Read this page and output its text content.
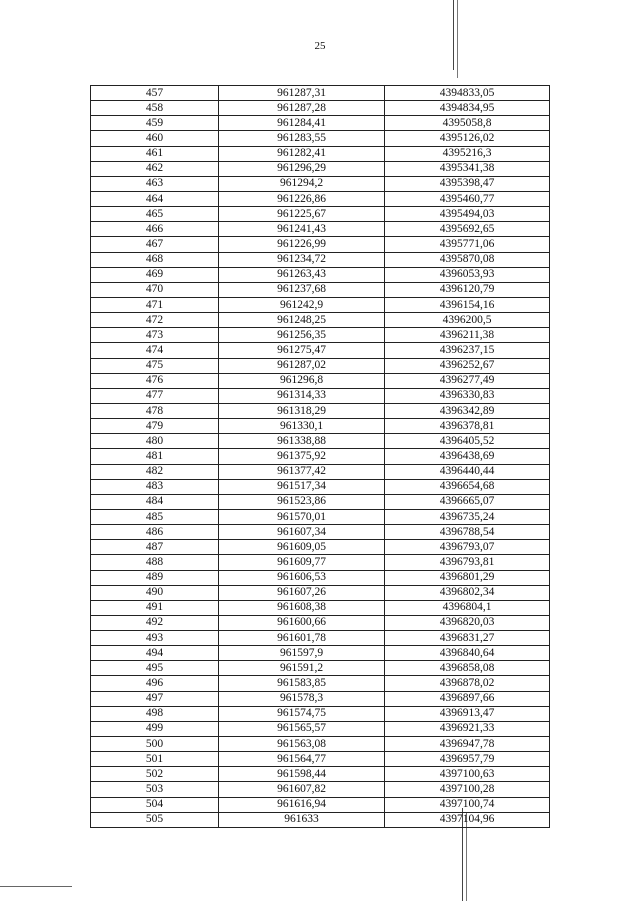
25
457	961287,31	4394833,05
458	961287,28	4394834,95
459	961284,41	4395058,8
460	961283,55	4395126,02
461	961282,41	4395216,3
462	961296,29	4395341,38
463	961294,2	4395398,47
464	961226,86	4395460,77
465	961225,67	4395494,03
466	961241,43	4395692,65
467	961226,99	4395771,06
468	961234,72	4395870,08
469	961263,43	4396053,93
470	961237,68	4396120,79
471	961242,9	4396154,16
472	961248,25	4396200,5
473	961256,35	4396211,38
474	961275,47	4396237,15
475	961287,02	4396252,67
476	961296,8	4396277,49
477	961314,33	4396330,83
478	961318,29	4396342,89
479	961330,1	4396378,81
480	961338,88	4396405,52
481	961375,92	4396438,69
482	961377,42	4396440,44
483	961517,34	4396654,68
484	961523,86	4396665,07
485	961570,01	4396735,24
486	961607,34	4396788,54
487	961609,05	4396793,07
488	961609,77	4396793,81
489	961606,53	4396801,29
490	961607,26	4396802,34
491	961608,38	4396804,1
492	961600,66	4396820,03
493	961601,78	4396831,27
494	961597,9	4396840,64
495	961591,2	4396858,08
496	961583,85	4396878,02
497	961578,3	4396897,66
498	961574,75	4396913,47
499	961565,57	4396921,33
500	961563,08	4396947,78
501	961564,77	4396957,79
502	961598,44	4397100,63
503	961607,82	4397100,28
504	961616,94	4397100,74
505	961633	4397104,96
